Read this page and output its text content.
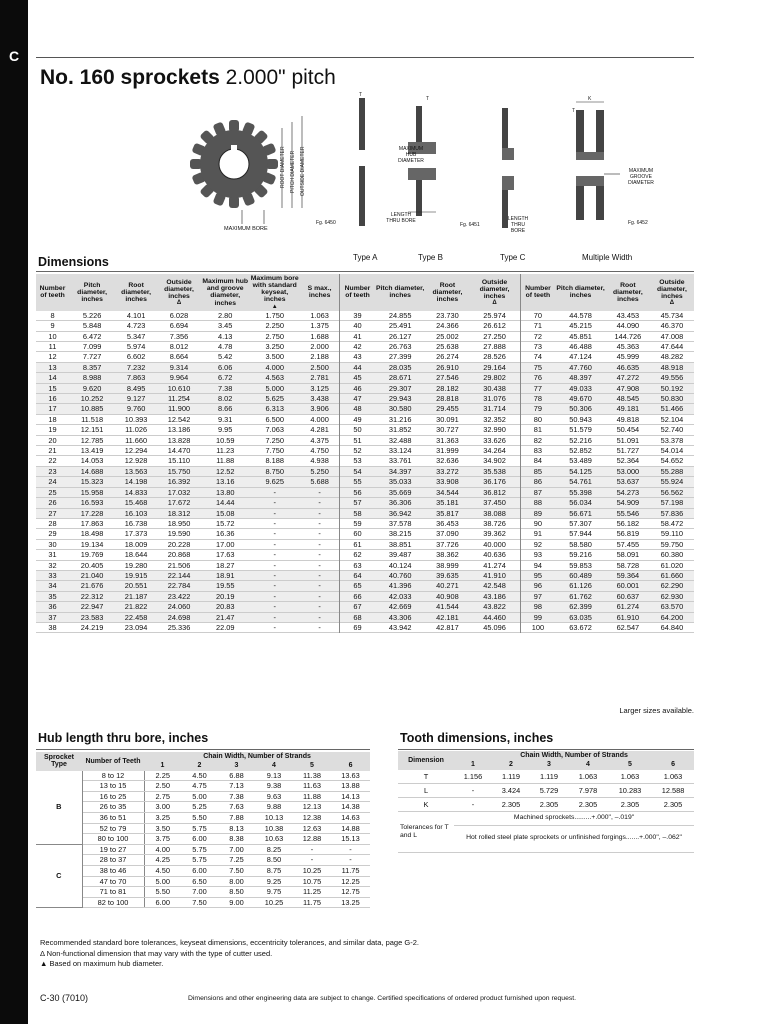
C
No. 160 sprockets 2.000" pitch
ROOT DIAMETER PITCH DIAMETER OUTSIDE DIAMETER
MAXIMUM BORE
Fg. 6450
T
T
MAXIMUM HUB DIAMETER
LENGTH THRU BORE
Fg. 6451
K
T
MAXIMUM GROOVE DIAMETER
LENGTH THRU BORE
Fg. 6452
Type A	Type B	Type C	Multiple Width
Dimensions
Number of teeth	Pitch diameter, inches	Root diameter, inches	Outside diameter, inches
Δ	Maximum hub and groove diameter, inches	Maximum bore with standard keyseat, inches
▲	S max., inches	Number of teeth	Pitch diameter, inches	Root diameter, inches	Outside diameter, inches
Δ	Number of teeth	Pitch diameter, inches	Root diameter, inches	Outside diameter, inches
Δ

8	5.226	4.101	6.028	2.80	1.750	1.063	39	24.855	23.730	25.974	70	44.578	43.453	45.734
9	5.848	4.723	6.694	3.45	2.250	1.375	40	25.491	24.366	26.612	71	45.215	44.090	46.370
10	6.472	5.347	7.356	4.13	2.750	1.688	41	26.127	25.002	27.250	72	45.851	144.726	47.008
11	7.099	5.974	8.012	4.78	3.250	2.000	42	26.763	25.638	27.888	73	46.488	45.363	47.644
12	7.727	6.602	8.664	5.42	3.500	2.188	43	27.399	26.274	28.526	74	47.124	45.999	48.282
13	8.357	7.232	9.314	6.06	4.000	2.500	44	28.035	26.910	29.164	75	47.760	46.635	48.918
14	8.988	7.863	9.964	6.72	4.563	2.781	45	28.671	27.546	29.802	76	48.397	47.272	49.556
15	9.620	8.495	10.610	7.38	5.000	3.125	46	29.307	28.182	30.438	77	49.033	47.908	50.192
16	10.252	9.127	11.254	8.02	5.625	3.438	47	29.943	28.818	31.076	78	49.670	48.545	50.830
17	10.885	9.760	11.900	8.66	6.313	3.906	48	30.580	29.455	31.714	79	50.306	49.181	51.466
18	11.518	10.393	12.542	9.31	6.500	4.000	49	31.216	30.091	32.352	80	50.943	49.818	52.104
19	12.151	11.026	13.186	9.95	7.063	4.281	50	31.852	30.727	32.990	81	51.579	50.454	52.740
20	12.785	11.660	13.828	10.59	7.250	4.375	51	32.488	31.363	33.626	82	52.216	51.091	53.378
21	13.419	12.294	14.470	11.23	7.750	4.750	52	33.124	31.999	34.264	83	52.852	51.727	54.014
22	14.053	12.928	15.110	11.88	8.188	4.938	53	33.761	32.636	34.902	84	53.489	52.364	54.652
23	14.688	13.563	15.750	12.52	8.750	5.250	54	34.397	33.272	35.538	85	54.125	53.000	55.288
24	15.323	14.198	16.392	13.16	9.625	5.688	55	35.033	33.908	36.176	86	54.761	53.637	55.924
25	15.958	14.833	17.032	13.80	-	-	56	35.669	34.544	36.812	87	55.398	54.273	56.562
26	16.593	15.468	17.672	14.44	-	-	57	36.306	35.181	37.450	88	56.034	54.909	57.198
27	17.228	16.103	18.312	15.08	-	-	58	36.942	35.817	38.088	89	56.671	55.546	57.836
28	17.863	16.738	18.950	15.72	-	-	59	37.578	36.453	38.726	90	57.307	56.182	58.472
29	18.498	17.373	19.590	16.36	-	-	60	38.215	37.090	39.362	91	57.944	56.819	59.110
30	19.134	18.009	20.228	17.00	-	-	61	38.851	37.726	40.000	92	58.580	57.455	59.750
31	19.769	18.644	20.868	17.63	-	-	62	39.487	38.362	40.636	93	59.216	58.091	60.380
32	20.405	19.280	21.506	18.27	-	-	63	40.124	38.999	41.274	94	59.853	58.728	61.020
33	21.040	19.915	22.144	18.91	-	-	64	40.760	39.635	41.910	95	60.489	59.364	61.660
34	21.676	20.551	22.784	19.55	-	-	65	41.396	40.271	42.548	96	61.126	60.001	62.290
35	22.312	21.187	23.422	20.19	-	-	66	42.033	40.908	43.186	97	61.762	60.637	62.930
36	22.947	21.822	24.060	20.83	-	-	67	42.669	41.544	43.822	98	62.399	61.274	63.570
37	23.583	22.458	24.698	21.47	-	-	68	43.306	42.181	44.460	99	63.035	61.910	64.200
38	24.219	23.094	25.336	22.09	-	-	69	43.942	42.817	45.096	100	63.672	62.547	64.840
Larger sizes available.
Hub length thru bore, inches
Sprocket Type	Number of Teeth	Chain Width, Number of Strands					
		1	2	3	4	5	6
B	8 to 12	2.25	4.50	6.88	9.13	11.38	13.63
	13 to 15	2.50	4.75	7.13	9.38	11.63	13.88
	16 to 25	2.75	5.00	7.38	9.63	11.88	14.13
	26 to 35	3.00	5.25	7.63	9.88	12.13	14.38
	36 to 51	3.25	5.50	7.88	10.13	12.38	14.63
	52 to 79	3.50	5.75	8.13	10.38	12.63	14.88
	80 to 100	3.75	6.00	8.38	10.63	12.88	15.13
C	19 to 27	4.00	5.75	7.00	8.25	-	-
	28 to 37	4.25	5.75	7.25	8.50	-	-
	38 to 46	4.50	6.00	7.50	8.75	10.25	11.75
	47 to 70	5.00	6.50	8.00	9.25	10.75	12.25
	71 to 81	5.50	7.00	8.50	9.75	11.25	12.75
	82 to 100	6.00	7.50	9.00	10.25	11.75	13.25
Tooth dimensions, inches
Dimension	Chain Width, Number of Strands					
	1	2	3	4	5	6
T	1.156	1.119	1.119	1.063	1.063	1.063
L	-	3.424	5.729	7.978	10.283	12.588
K	-	2.305	2.305	2.305	2.305	2.305
Tolerances for T and L	Machined sprockets.........+.000", –.019"					
	Hot rolled steel plate sprockets or unfinished forgings.......+.000", –.062"					
Recommended standard bore tolerances, keyseat dimensions, eccentricity tolerances, and similar data, page G-2.
Δ Non-functional dimension that may vary with the type of cutter used.
▲ Based on maximum hub diameter.
C-30 (7010)	Dimensions and other engineering data are subject to change. Certified specifications of ordered product furnished upon request.
